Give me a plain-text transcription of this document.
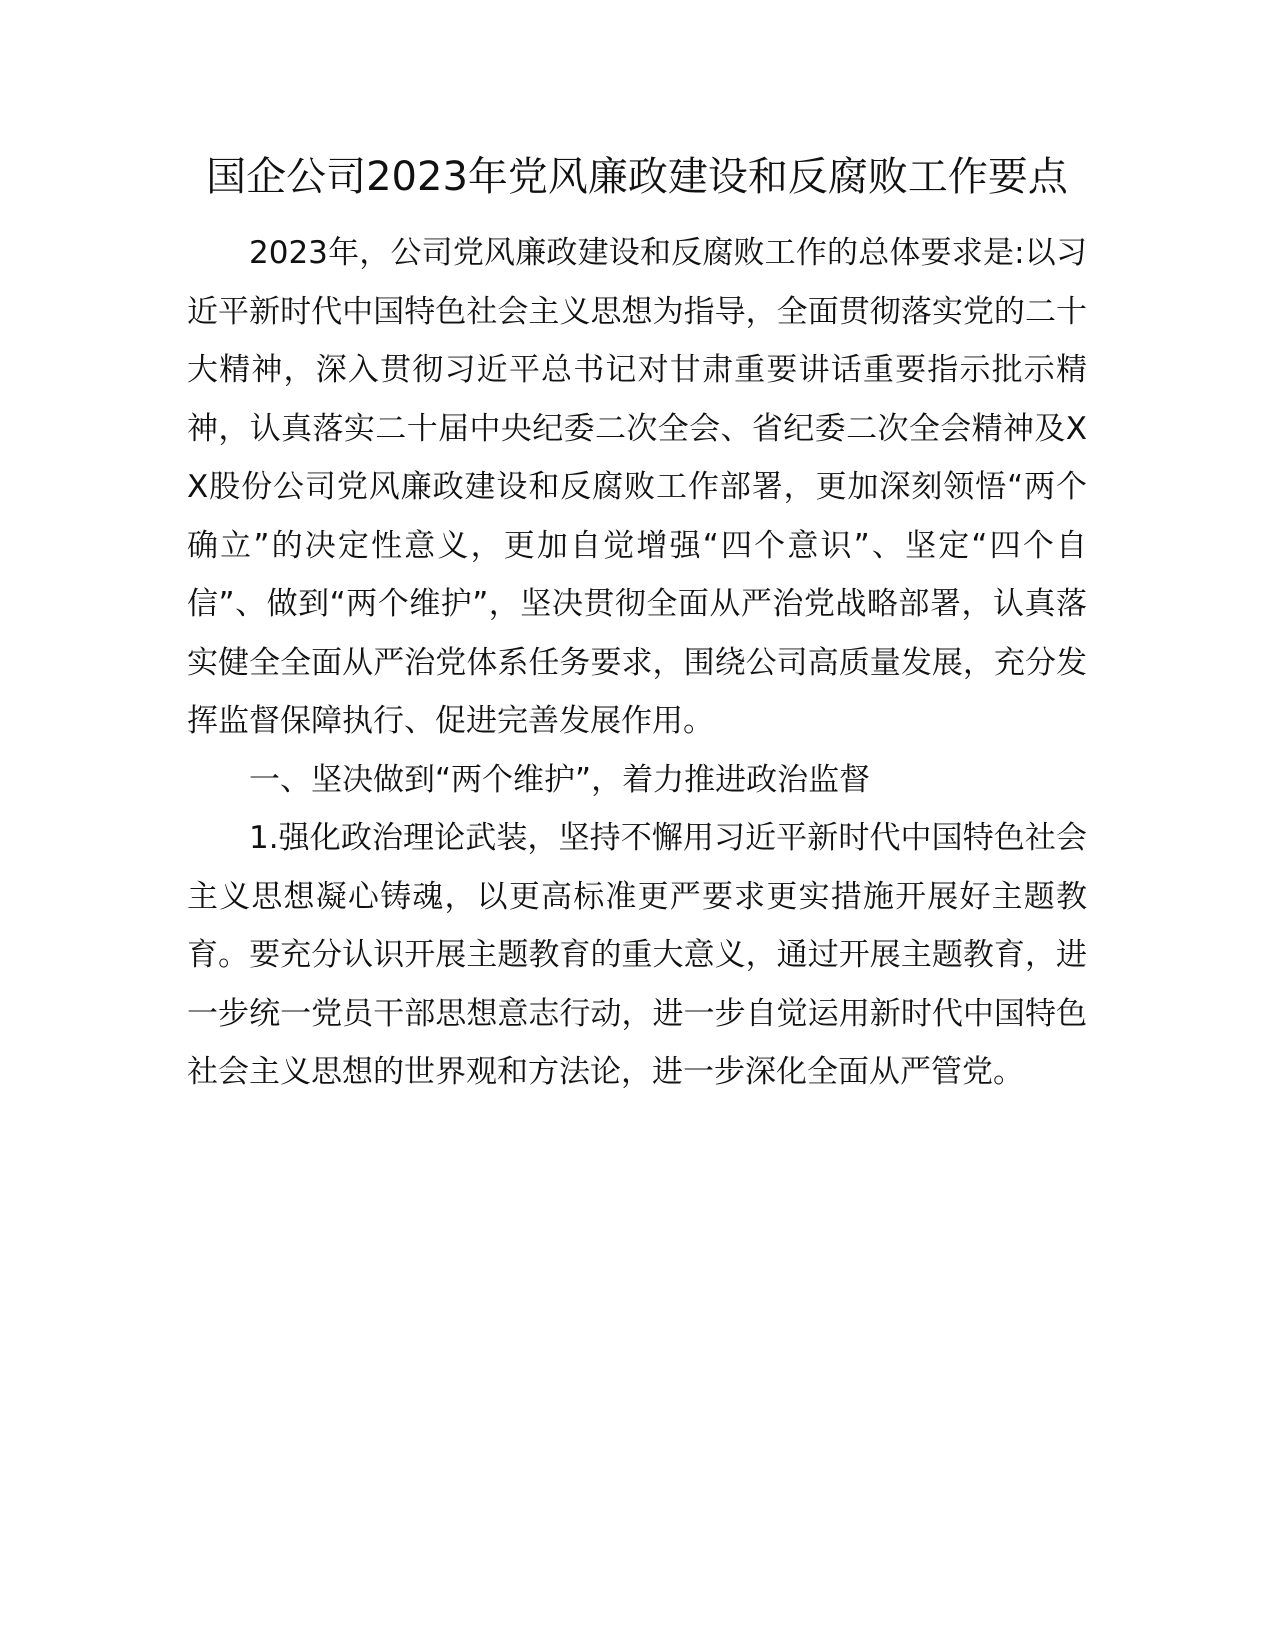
国企公司2023年党风廉政建设和反腐败工作要点

2023年，公司党风廉政建设和反腐败工作的总体要求是:以习近平新时代中国特色社会主义思想为指导，全面贯彻落实党的二十大精神，深入贯彻习近平总书记对甘肃重要讲话重要指示批示精神，认真落实二十届中央纪委二次全会、省纪委二次全会精神及XX股份公司党风廉政建设和反腐败工作部署，更加深刻领悟“两个确立”的决定性意义，更加自觉增强“四个意识”、坚定“四个自信”、做到“两个维护”，坚决贯彻全面从严治党战略部署，认真落实健全全面从严治党体系任务要求，围绕公司高质量发展，充分发挥监督保障执行、促进完善发展作用。

一、坚决做到“两个维护”，着力推进政治监督

1.强化政治理论武装，坚持不懈用习近平新时代中国特色社会主义思想凝心铸魂，以更高标准更严要求更实措施开展好主题教育。要充分认识开展主题教育的重大意义，通过开展主题教育，进一步统一党员干部思想意志行动，进一步自觉运用新时代中国特色社会主义思想的世界观和方法论，进一步深化全面从严管党。
